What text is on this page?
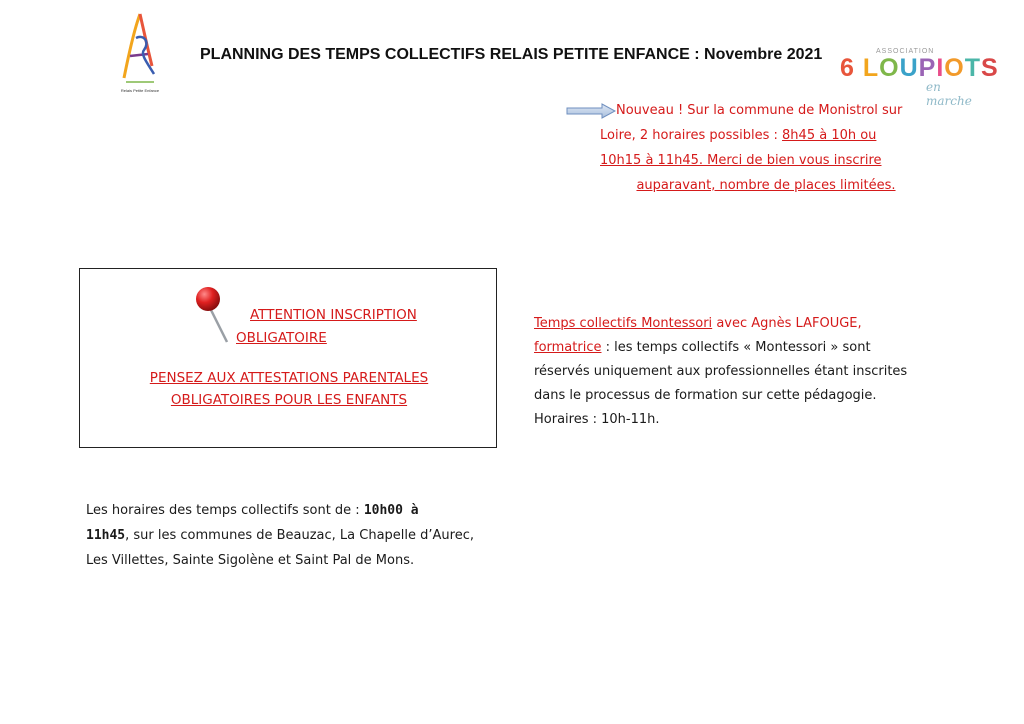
Relais Petite Enfance
PLANNING DES TEMPS COLLECTIFS RELAIS PETITE ENFANCE : Novembre 2021	ASSOCIATION
6 LOUPIOTS
en marche
Nouveau ! Sur la commune de Monistrol sur
Loire, 2 horaires possibles : 8h45 à 10h ou
10h15 à 11h45. Merci de bien vous inscrire
auparavant, nombre de places limitées.
ATTENTION INSCRIPTION
OBLIGATOIRE
PENSEZ AUX ATTESTATIONS PARENTALES
OBLIGATOIRES POUR LES ENFANTS
Temps collectifs Montessori avec Agnès LAFOUGE,
formatrice : les temps collectifs « Montessori » sont
réservés uniquement aux professionnelles étant inscrites
dans le processus de formation sur cette pédagogie.
Horaires : 10h-11h.
Les horaires des temps collectifs sont de : 10h00 à
11h45, sur les communes de Beauzac, La Chapelle d’Aurec,
Les Villettes, Sainte Sigolène et Saint Pal de Mons.
